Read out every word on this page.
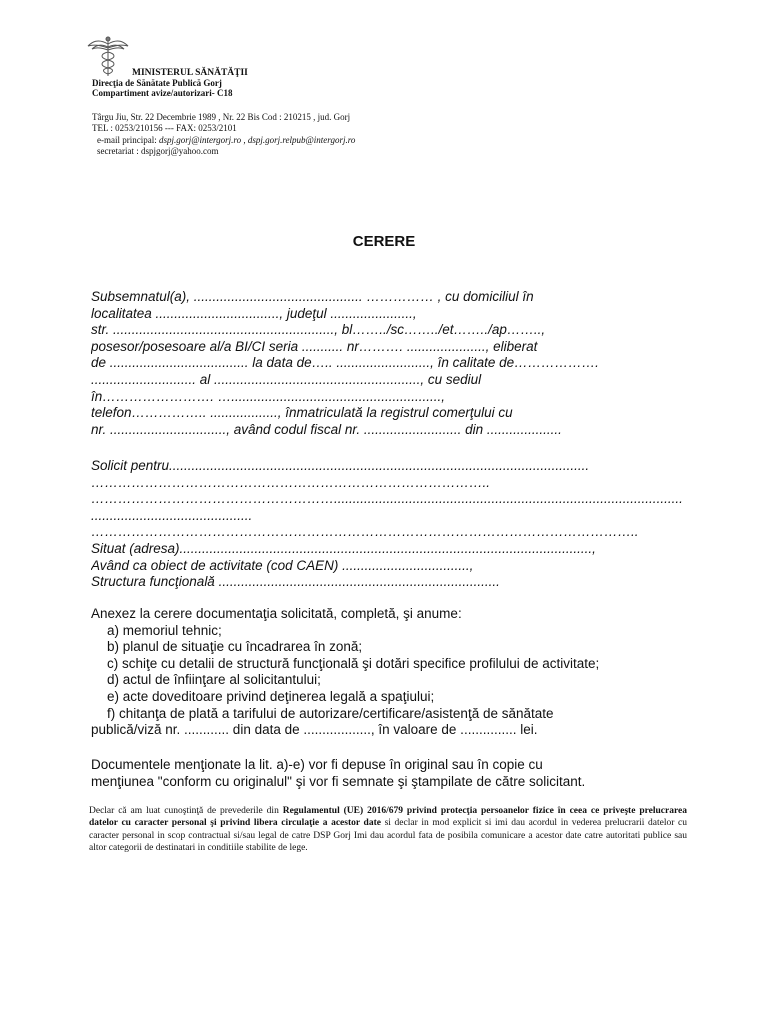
MINISTERUL SĂNĂTĂŢII
Direcţia de Sănătate Publică Gorj
Compartiment avize/autorizari- C18
Târgu Jiu, Str. 22 Decembrie 1989 , Nr. 22 Bis Cod : 210215 , jud. Gorj
TEL : 0253/210156 --- FAX: 0253/2101
e-mail principal: dspj.gorj@intergorj.ro , dspj.gorj.relpub@intergorj.ro
secretariat : dspjgorj@yahoo.com
CERERE
Subsemnatul(a), ............................................. …………… , cu domiciliul în
localitatea ................................., judeţul ......................,
str. ..........................................................., bl……../sc……../et……../ap……..,
posesor/posesoare al/a BI/CI seria ........... nr………. ....................., eliberat
de ..................................... la data de….. ........................., în calitate de……………….
............................ al ......................................................., cu sediul
în……………………. …........................................................,
telefon…………….. .................., înmatriculată la registrul comerţului cu
nr. ..............................., având codul fiscal nr. .......................... din ....................
Solicit pentru................................................................................................................
……………………………………………………………………………..
……………………………………………….............................................................................................
...........................................
…………………………………………………………………………………………………………..
Situat (adresa)..............................................................................................................,
Având ca obiect de activitate (cod CAEN) ..................................,
Structura funcţională ...........................................................................
Anexez la cerere documentaţia solicitată, completă, şi anume:
a) memoriul tehnic;
b) planul de situaţie cu încadrarea în zonă;
c) schiţe cu detalii de structură funcţională şi dotări specifice profilului de activitate;
d) actul de înfiinţare al solicitantului;
e) acte doveditoare privind deţinerea legală a spaţiului;
f) chitanţa de plată a tarifului de autorizare/certificare/asistenţă de sănătate
publică/viză nr. ............ din data de .................., în valoare de ............... lei.
Documentele menţionate la lit. a)-e) vor fi depuse în original sau în copie cu
menţiunea "conform cu originalul" şi vor fi semnate şi ştampilate de către solicitant.
Declar că am luat cunoştinţă de prevederile din Regulamentul (UE) 2016/679 privind protecţia persoanelor fizice în ceea ce priveşte prelucrarea datelor cu caracter personal şi privind libera circulaţie a acestor date si declar in mod explicit si imi dau acordul in vederea prelucrarii datelor cu caracter personal in scop contractual si/sau legal de catre DSP Gorj Imi dau acordul fata de posibila comunicare a acestor date catre autoritati publice sau altor categorii de destinatari in conditiile stabilite de lege.
